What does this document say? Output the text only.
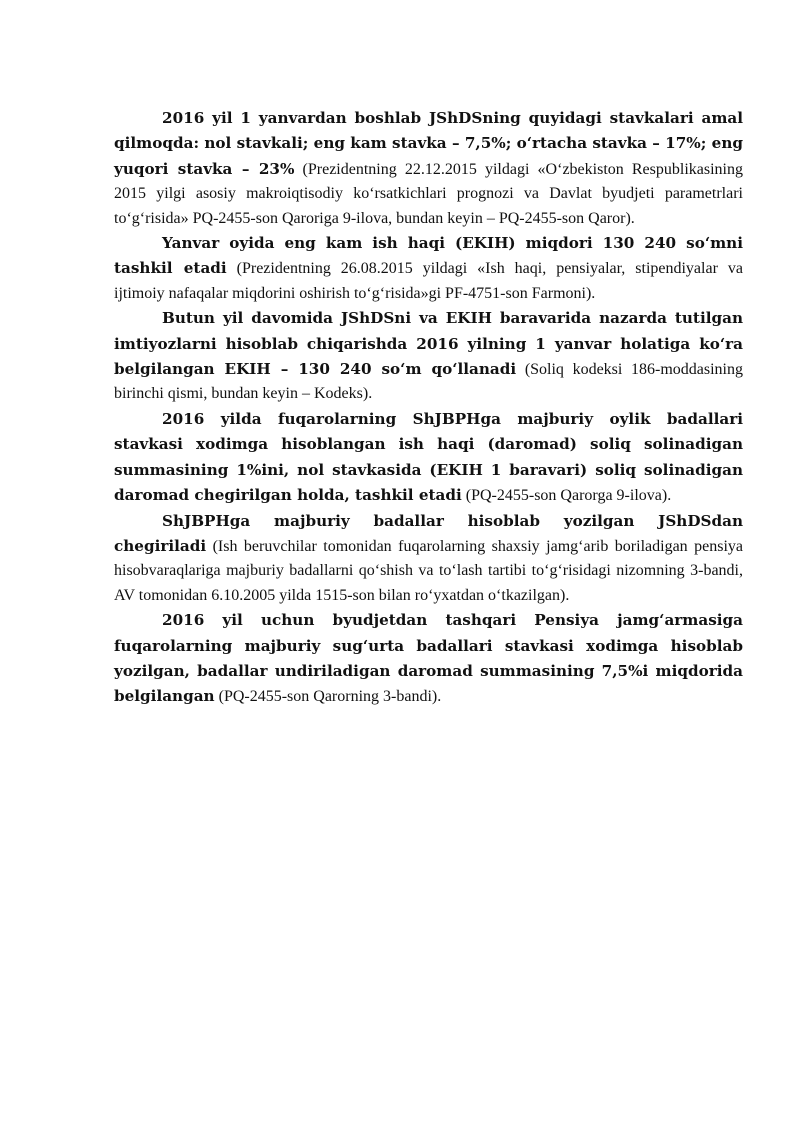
2016 yil 1 yanvardan boshlab JShDSning quyidagi stavkalari amal qilmoqda: nol stavkali; eng kam stavka – 7,5%; o‘rtacha stavka – 17%; eng yuqori stavka – 23% (Prezidentning 22.12.2015 yildagi «O‘zbekiston Respublikasining 2015 yilgi asosiy makroiqtisodiy ko‘rsatkichlari prognozi va Davlat byudjeti parametrlari to‘g‘risida» PQ-2455-son Qaroriga 9-ilova, bundan keyin – PQ-2455-son Qaror).

Yanvar oyida eng kam ish haqi (EKIH) miqdori 130 240 so‘mni tashkil etadi (Prezidentning 26.08.2015 yildagi «Ish haqi, pensiyalar, stipendiyalar va ijtimoiy nafaqalar miqdorini oshirish to‘g‘risida»gi PF-4751-son Farmoni).

Butun yil davomida JShDSni va EKIH baravarida nazarda tutilgan imtiyozlarni hisoblab chiqarishda 2016 yilning 1 yanvar holatiga ko‘ra belgilangan EKIH – 130 240 so‘m qo‘llanadi (Soliq kodeksi 186-moddasining birinchi qismi, bundan keyin – Kodeks).

2016 yilda fuqarolarning ShJBPHga majburiy oylik badallari stavkasi xodimga hisoblangan ish haqi (daromad) soliq solinadigan summasining 1%ini, nol stavkasida (EKIH 1 baravari) soliq solinadigan daromad chegirilgan holda, tashkil etadi (PQ-2455-son Qarorga 9-ilova).

ShJBPHga majburiy badallar hisoblab yozilgan JShDSdan chegiriladi (Ish beruvchilar tomonidan fuqarolarning shaxsiy jamg‘arib boriladigan pensiya hisobvaraqlariga majburiy badallarni qo‘shish va to‘lash tartibi to‘g‘risidagi nizomning 3-bandi, AV tomonidan 6.10.2005 yilda 1515-son bilan ro‘yxatdan o‘tkazilgan).

2016 yil uchun byudjetdan tashqari Pensiya jamg‘armasiga fuqarolarning majburiy sug‘urta badallari stavkasi xodimga hisoblab yozilgan, badallar undiriladigan daromad summasining 7,5%i miqdorida belgilangan (PQ-2455-son Qarorning 3-bandi).
